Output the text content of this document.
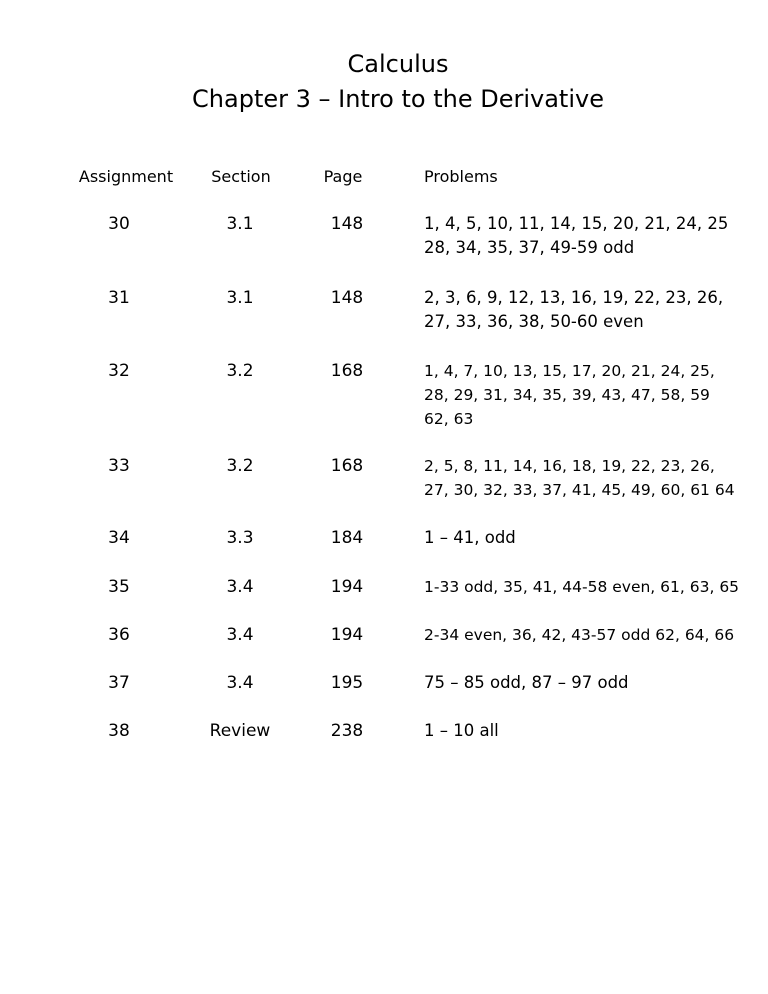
Calculus
Chapter 3 – Intro to the Derivative
Assignment	Section	Page	Problems
30	3.1	148	1, 4, 5, 10, 11, 14, 15, 20, 21, 24, 25
28, 34, 35, 37, 49-59 odd
31	3.1	148	2, 3, 6, 9, 12, 13, 16, 19, 22, 23, 26,
27, 33, 36, 38, 50-60 even
32	3.2	168	1, 4, 7, 10, 13, 15, 17, 20, 21, 24, 25,
28, 29, 31, 34, 35, 39, 43, 47, 58, 59
62, 63
33	3.2	168	2, 5, 8, 11, 14, 16, 18, 19, 22, 23, 26,
27, 30, 32, 33, 37, 41, 45, 49, 60, 61 64
34	3.3	184	1 – 41, odd
35	3.4	194	1-33 odd, 35, 41, 44-58 even, 61, 63, 65
36	3.4	194	2-34 even, 36, 42, 43-57 odd 62, 64, 66
37	3.4	195	75 – 85 odd, 87 – 97 odd
38	Review	238	1 – 10 all
